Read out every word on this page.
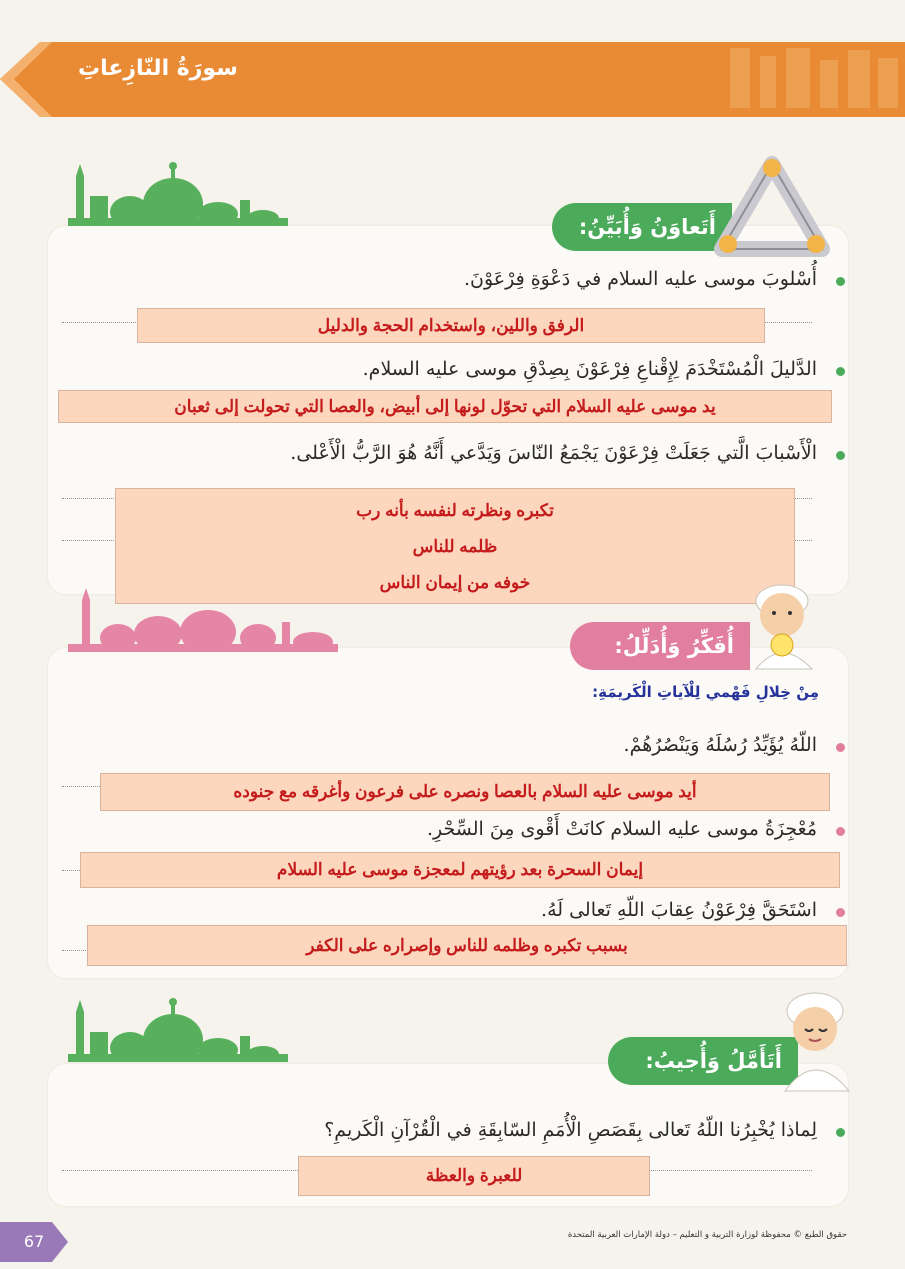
سورَةُ النّازِعاتِ
أَتَعاوَنُ وَأُبَيِّنُ:
أُسْلوبَ موسى عليه السلام في دَعْوَةِ فِرْعَوْنَ.
الرفق واللين، واستخدام الحجة والدليل
الدَّليلَ الْمُسْتَخْدَمَ لِإِقْناعِ فِرْعَوْنَ بِصِدْقِ موسى عليه السلام.
يد موسى عليه السلام التي تحوّل لونها إلى أبيض، والعصا التي تحولت إلى ثعبان
الْأَسْبابَ الَّتي جَعَلَتْ فِرْعَوْنَ يَجْمَعُ النّاسَ وَيَدَّعي أَنَّهُ هُوَ الرَّبُّ الْأَعْلى.
تكبره ونظرته لنفسه بأنه رب
ظلمه للناس
خوفه من إيمان الناس
أُفَكِّرُ وَأُدَلِّلُ:
مِنْ خِلالِ فَهْمي لِلْآياتِ الْكَريمَةِ:
اللّهُ يُؤَيِّدُ رُسُلَهُ وَيَنْصُرُهُمْ.
أيد موسى عليه السلام بالعصا ونصره على فرعون وأغرقه مع جنوده
مُعْجِزَةُ موسى عليه السلام كانَتْ أَقْوى مِنَ السِّحْرِ.
إيمان السحرة بعد رؤيتهم لمعجزة موسى عليه السلام
اسْتَحَقَّ فِرْعَوْنُ عِقابَ اللّهِ تَعالى لَهُ.
بسبب تكبره وظلمه للناس وإصراره على الكفر
أَتَأَمَّلُ وَأُجيبُ:
لِماذا يُخْبِرُنا اللّهُ تَعالى بِقَصَصِ الْأُمَمِ السّابِقَةِ في الْقُرْآنِ الْكَريمِ؟
للعبرة والعظة
حقوق الطبع © محفوظة لوزارة التربية و التعليم – دولة الإمارات العربية المتحدة
67
